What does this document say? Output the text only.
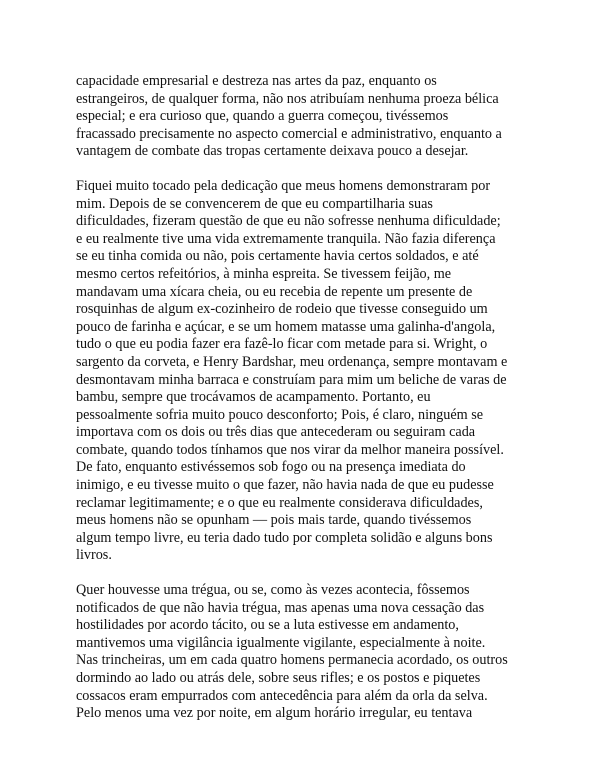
capacidade empresarial e destreza nas artes da paz, enquanto os
estrangeiros, de qualquer forma, não nos atribuíam nenhuma proeza bélica
especial; e era curioso que, quando a guerra começou, tivéssemos
fracassado precisamente no aspecto comercial e administrativo, enquanto a
vantagem de combate das tropas certamente deixava pouco a desejar.

Fiquei muito tocado pela dedicação que meus homens demonstraram por
mim. Depois de se convencerem de que eu compartilharia suas
dificuldades, fizeram questão de que eu não sofresse nenhuma dificuldade;
e eu realmente tive uma vida extremamente tranquila. Não fazia diferença
se eu tinha comida ou não, pois certamente havia certos soldados, e até
mesmo certos refeitórios, à minha espreita. Se tivessem feijão, me
mandavam uma xícara cheia, ou eu recebia de repente um presente de
rosquinhas de algum ex-cozinheiro de rodeio que tivesse conseguido um
pouco de farinha e açúcar, e se um homem matasse uma galinha-d'angola,
tudo o que eu podia fazer era fazê-lo ficar com metade para si. Wright, o
sargento da corveta, e Henry Bardshar, meu ordenança, sempre montavam e
desmontavam minha barraca e construíam para mim um beliche de varas de
bambu, sempre que trocávamos de acampamento. Portanto, eu
pessoalmente sofria muito pouco desconforto; Pois, é claro, ninguém se
importava com os dois ou três dias que antecederam ou seguiram cada
combate, quando todos tínhamos que nos virar da melhor maneira possível.
De fato, enquanto estivéssemos sob fogo ou na presença imediata do
inimigo, e eu tivesse muito o que fazer, não havia nada de que eu pudesse
reclamar legitimamente; e o que eu realmente considerava dificuldades,
meus homens não se opunham — pois mais tarde, quando tivéssemos
algum tempo livre, eu teria dado tudo por completa solidão e alguns bons
livros.

Quer houvesse uma trégua, ou se, como às vezes acontecia, fôssemos
notificados de que não havia trégua, mas apenas uma nova cessação das
hostilidades por acordo tácito, ou se a luta estivesse em andamento,
mantivemos uma vigilância igualmente vigilante, especialmente à noite.
Nas trincheiras, um em cada quatro homens permanecia acordado, os outros
dormindo ao lado ou atrás dele, sobre seus rifles; e os postos e piquetes
cossacos eram empurrados com antecedência para além da orla da selva.
Pelo menos uma vez por noite, em algum horário irregular, eu tentava
